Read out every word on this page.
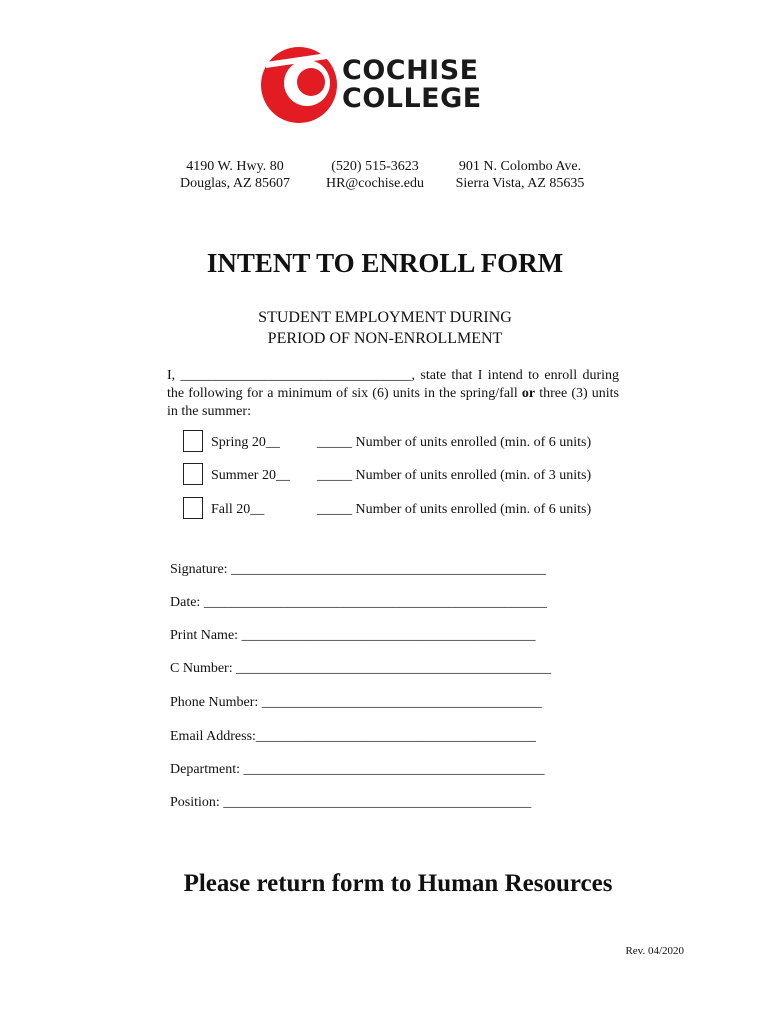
COCHISE
COLLEGE
4190 W. Hwy. 80
Douglas, AZ 85607
(520) 515-3623
HR@cochise.edu
901 N. Colombo Ave.
Sierra Vista, AZ 85635
INTENT TO ENROLL FORM
STUDENT EMPLOYMENT DURING
PERIOD OF NON-ENROLLMENT
I, _________________________________, state that I intend to enroll during the following for a minimum of six (6) units in the spring/fall or three (3) units in the summer:
Spring 20__	_____ Number of units enrolled (min. of 6 units)
Summer 20__ _____ Number of units enrolled (min. of 3 units)
Fall 20__	_____ Number of units enrolled (min. of 6 units)
Signature: _____________________________________________
Date: _________________________________________________
Print Name: __________________________________________
C Number: _____________________________________________
Phone Number: ________________________________________
Email Address:________________________________________
Department: ___________________________________________
Position: ____________________________________________
Please return form to Human Resources
Rev. 04/2020
